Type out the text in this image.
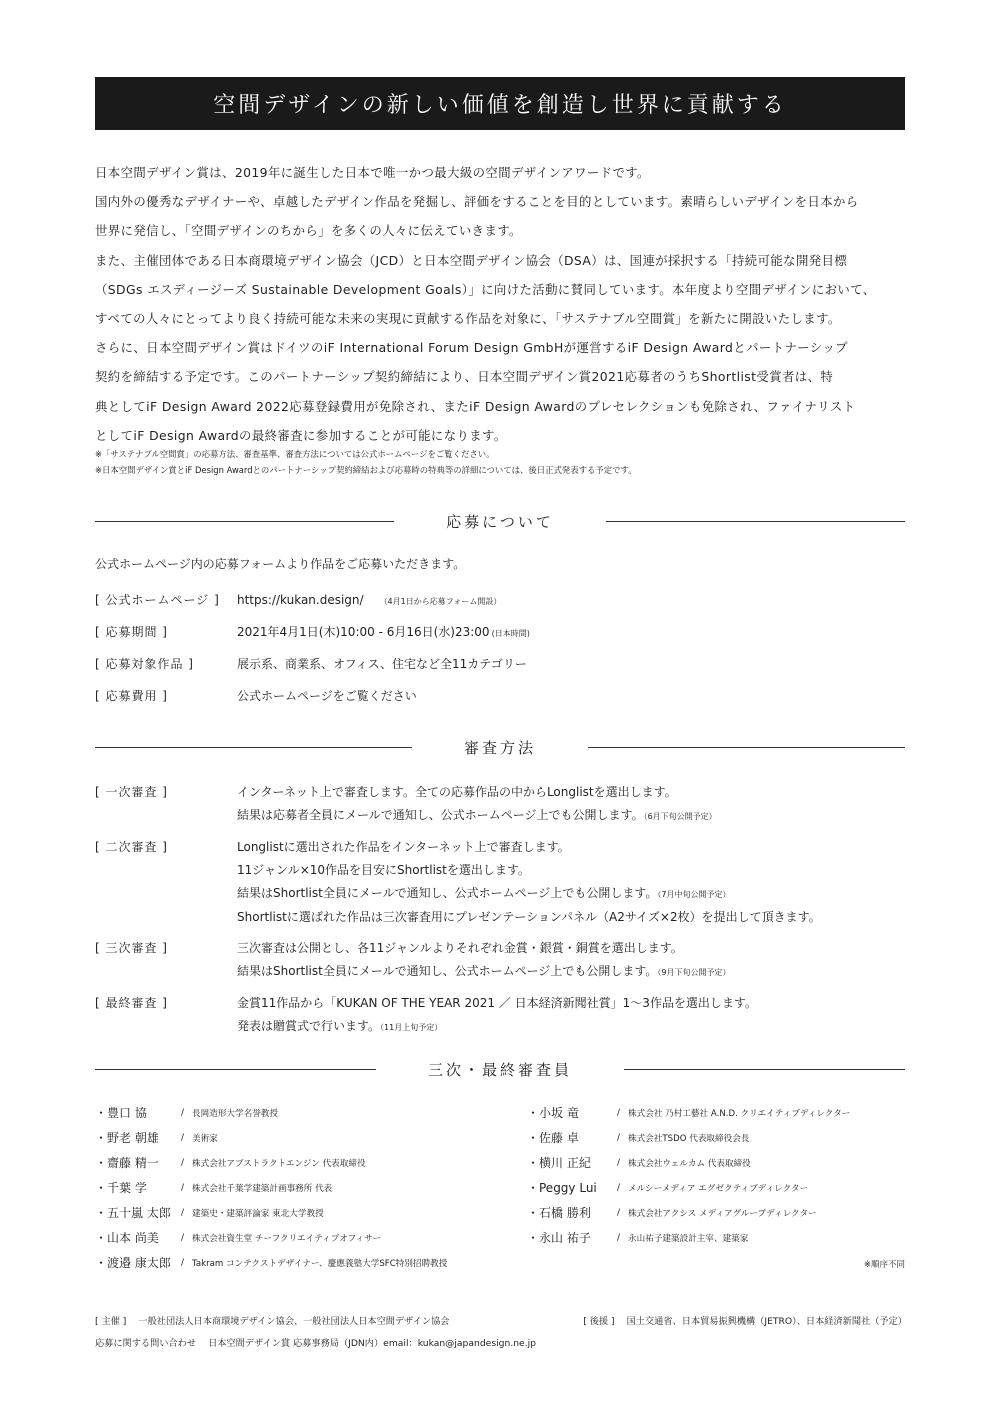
空間デザインの新しい価値を創造し世界に貢献する

日本空間デザイン賞は、2019年に誕生した日本で唯一かつ最大級の空間デザインアワードです。

国内外の優秀なデザイナーや、卓越したデザイン作品を発掘し、評価をすることを目的としています。素晴らしいデザインを日本から

世界に発信し、「空間デザインのちから」を多くの人々に伝えていきます。

また、主催団体である日本商環境デザイン協会（JCD）と日本空間デザイン協会（DSA）は、国連が採択する「持続可能な開発目標

（SDGs エスディージーズ Sustainable Development Goals）」に向けた活動に賛同しています。本年度より空間デザインにおいて、

すべての人々にとってより良く持続可能な未来の実現に貢献する作品を対象に、「サステナブル空間賞」を新たに開設いたします。

さらに、日本空間デザイン賞はドイツのiF International Forum Design GmbHが運営するiF Design Awardとパートナーシップ

契約を締結する予定です。このパートナーシップ契約締結により、日本空間デザイン賞2021応募者のうちShortlist受賞者は、特

典としてiF Design Award 2022応募登録費用が免除され、またiF Design Awardのプレセレクションも免除され、ファイナリスト

としてiF Design Awardの最終審査に参加することが可能になります。

※「サステナブル空間賞」の応募方法、審査基準、審査方法については公式ホームページをご覧ください。

※日本空間デザイン賞とiF Design Awardとのパートナーシップ契約締結および応募時の特典等の詳細については、後日正式発表する予定です。

応募について
公式ホームページ内の応募フォームより作品をご応募いただきます。
[ 公式ホームページ ]	https://kukan.design/ （4月1日から応募フォーム開設）
[ 応募期間 ]	2021年4月1日(木)10:00 - 6月16日(水)23:00 (日本時間)
[ 応募対象作品 ]	展示系、商業系、オフィス、住宅など全11カテゴリー
[ 応募費用 ]	公式ホームページをご覧ください
審査方法
[ 一次審査 ]	インターネット上で審査します。全ての応募作品の中からLonglistを選出します。

結果は応募者全員にメールで通知し、公式ホームページ上でも公開します。（6月下旬公開予定）

[ 二次審査 ]	Longlistに選出された作品をインターネット上で審査します。

11ジャンル×10作品を目安にShortlistを選出します。

結果はShortlist全員にメールで通知し、公式ホームページ上でも公開します。（7月中旬公開予定）

Shortlistに選ばれた作品は三次審査用にプレゼンテーションパネル（A2サイズ×2枚）を提出して頂きます。

[ 三次審査 ]	三次審査は公開とし、各11ジャンルよりそれぞれ金賞・銀賞・銅賞を選出します。

結果はShortlist全員にメールで通知し、公式ホームページ上でも公開します。（9月下旬公開予定）

[ 最終審査 ]	金賞11作品から「KUKAN OF THE YEAR 2021 ／ 日本経済新聞社賞」1〜3作品を選出します。

発表は贈賞式で行います。（11月上旬予定）

三次・最終審査員
・豊口 協	/ 長岡造形大学名誉教授
・野老 朝雄	/ 美術家
・齋藤 精一	/ 株式会社アブストラクトエンジン 代表取締役
・千葉 学	/ 株式会社千葉学建築計画事務所 代表
・五十嵐 太郎	/ 建築史・建築評論家 東北大学教授
・山本 尚美	/ 株式会社資生堂 チーフクリエイティブオフィサー
・渡邉 康太郎	/ Takram コンテクストデザイナー、慶應義塾大学SFC特別招聘教授
・小坂 竜	/ 株式会社 乃村工藝社 A.N.D. クリエイティブディレクター
・佐藤 卓	/ 株式会社TSDO 代表取締役会長
・横川 正紀	/ 株式会社ウェルカム 代表取締役
・Peggy Lui	/ メルシーメディア エグゼクティブディレクター
・石橋 勝利	/ 株式会社アクシス メディアグループディレクター
・永山 祐子	/ 永山祐子建築設計主宰、建築家
※順序不同
[ 主催 ] 一般社団法人日本商環境デザイン協会、一般社団法人日本空間デザイン協会	[ 後援 ] 国土交通省、日本貿易振興機構（JETRO）、日本経済新聞社（予定）
応募に関する問い合わせ 日本空間デザイン賞 応募事務局（JDN内）email：kukan@japandesign.ne.jp
